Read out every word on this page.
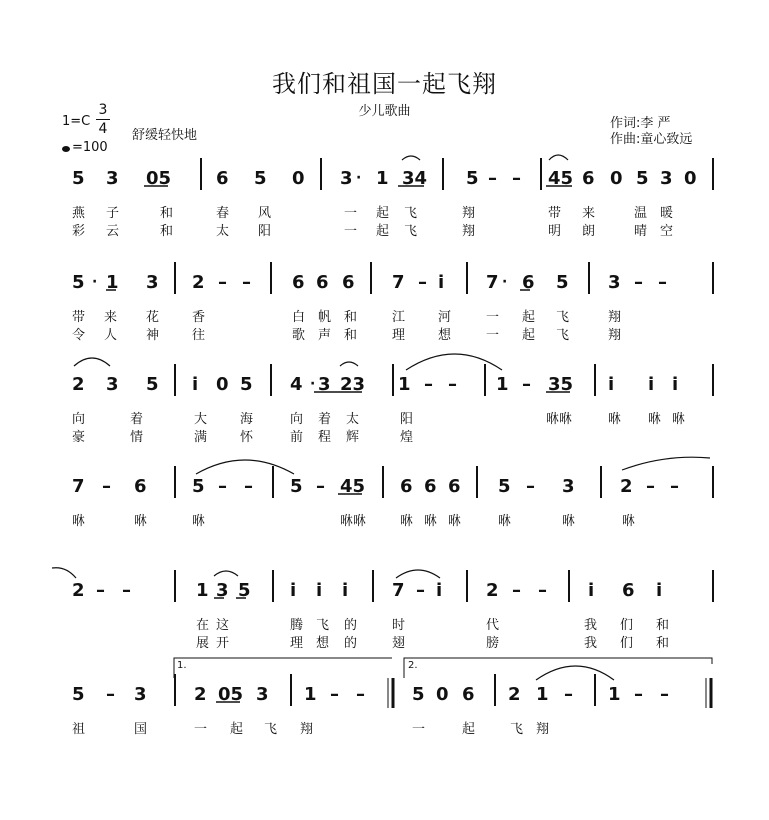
我们和祖国一起飞翔
少儿歌曲
1=C
3
4 舒缓轻快地
=100
作词:李 严
作曲:童心致远
5 3 05 6 5 0 3 · 1 34 5 – – 45 6 0 5 3 0
燕 子	和	春 风	一 起 飞	翔	带 来	温 暖
彩 云	和	太 阳	一 起 飞	翔	明 朗	晴 空
5 · 1 3 2 – – 6 6 6 7 – i 7 · 6 5 3 – –
带 来 花	香	白 帆 和	江	河	一 起 飞	翔
令 人 神	往	歌 声 和	理	想	一 起 飞	翔
2 3 5 i 0 5 4 · 3 23 1 – – 1 – 35 i i i
向	着	大	海	向 着 太	阳	咻咻	咻 咻 咻
豪	情	满	怀	前 程 辉	煌
7 – 6	5 – – 5 – 45 6 6 6 5 – 3	2 – –
咻	咻	咻	咻咻	咻 咻 咻	咻	咻	咻
2 – –	1 3 5 i i i 7 – i 2 – – i 6 i
在 这	腾 飞 的	时	代	我 们 和
展 开	理 想 的	翅	膀	我 们 和
5 – 3	2 05 3 1 – –	5 0 6 2 1 – 1 – –
祖	国	一 起 飞 翔	一	起	飞 翔
1.	2.
